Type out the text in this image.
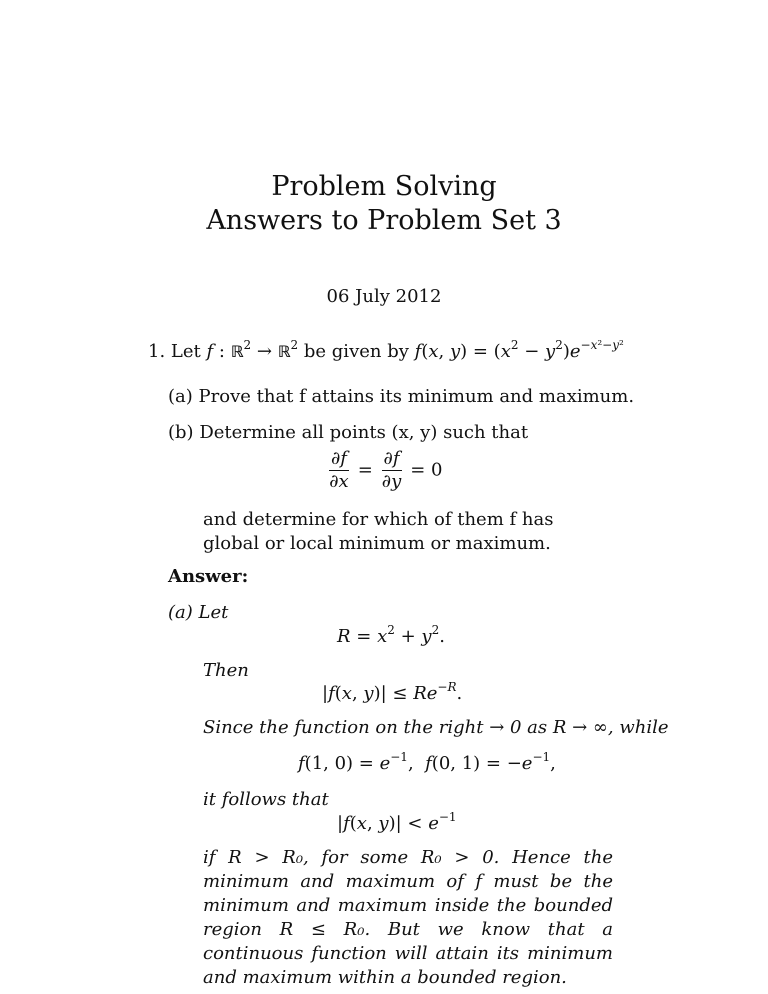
Problem Solving
Answers to Problem Set 3
06 July 2012
1. Let f : ℝ$^2$ → ℝ$^2$ be given by f(x, $y) = (x^2 - y^2)e^{-x^2-y^2}$
(a) Prove that f attains its minimum and maximum.
(b) Determine all points (x, y) such that
$\frac{\partial f}{\partial x} = \frac{\partial f}{\partial y} = 0$
and determine for which of them f has global or local minimum or maximum.
Answer:
(a) Let
$R = x^2 + y^2$.
Then
|f(x, $y)| \le Re^{-R}$.
Since the function on the right → 0 as R → ∞, while
f(1, $0) = e^{-1}$,  f(0, $1) = -e^{-1}$,
it follows that
|f(x, $y)| < e^{-1}$
if R > R₀, for some R₀ > 0. Hence the minimum and maximum of f must be the minimum and maximum inside the bounded region R ≤ R₀. But we know that a continuous function will attain its minimum and maximum within a bounded region.
